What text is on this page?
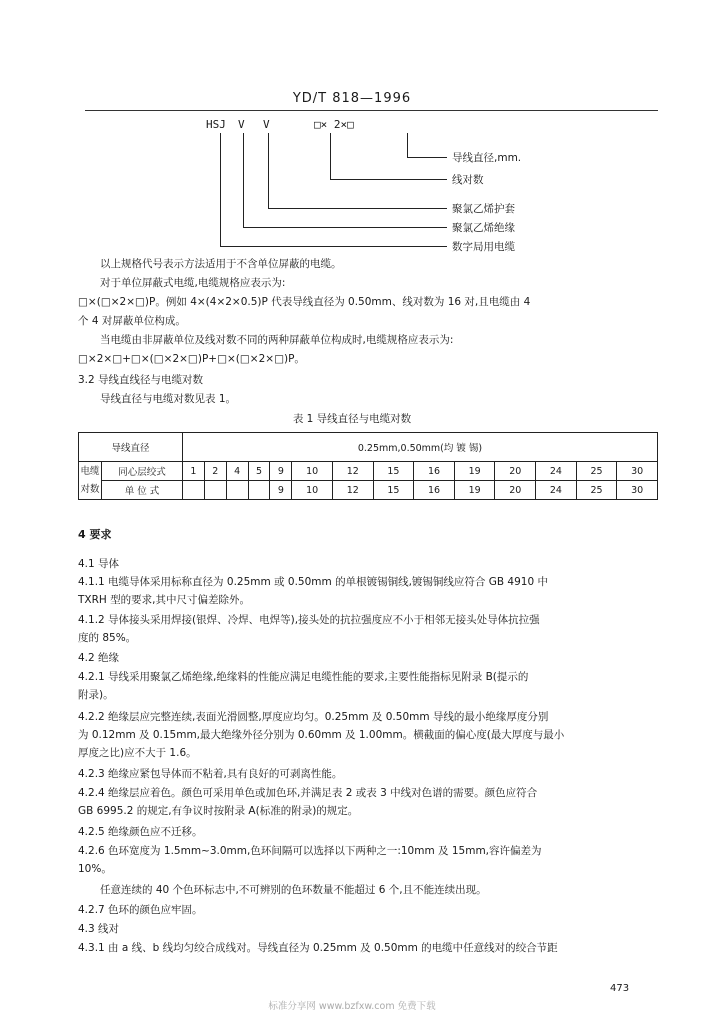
YD/T 818—1996
HSJ V V	□× 2×□
导线直径,mm.
线对数
聚氯乙烯护套
聚氯乙烯绝缘
数字局用电缆
以上规格代号表示方法适用于不含单位屏蔽的电缆。
对于单位屏蔽式电缆,电缆规格应表示为:
□×(□×2×□)P。例如 4×(4×2×0.5)P 代表导线直径为 0.50mm、线对数为 16 对,且电缆由 4
个 4 对屏蔽单位构成。
当电缆由非屏蔽单位及线对数不同的两种屏蔽单位构成时,电缆规格应表示为:
□×2×□+□×(□×2×□)P+□×(□×2×□)P。
3.2 导线直线径与电缆对数
导线直径与电缆对数见表 1。
表 1 导线直径与电缆对数
导线直径		0.25mm,0.50mm(均 镀 锡)													
电缆对数	同心层绞式	1	2	4	5	9	10	12	15	16	19	20	24	25	30
	单 位 式					9	10	12	15	16	19	20	24	25	30
4 要求
4.1 导体
4.1.1 电缆导体采用标称直径为 0.25mm 或 0.50mm 的单根镀锡铜线,镀锡铜线应符合 GB 4910 中
TXRH 型的要求,其中尺寸偏差除外。
4.1.2 导体接头采用焊接(银焊、冷焊、电焊等),接头处的抗拉强度应不小于相邻无接头处导体抗拉强
度的 85%。
4.2 绝缘
4.2.1 导线采用聚氯乙烯绝缘,绝缘料的性能应满足电缆性能的要求,主要性能指标见附录 B(提示的
附录)。
4.2.2 绝缘层应完整连续,表面光滑圆整,厚度应均匀。0.25mm 及 0.50mm 导线的最小绝缘厚度分别
为 0.12mm 及 0.15mm,最大绝缘外径分别为 0.60mm 及 1.00mm。横截面的偏心度(最大厚度与最小
厚度之比)应不大于 1.6。
4.2.3 绝缘应紧包导体而不粘着,具有良好的可剥离性能。
4.2.4 绝缘层应着色。颜色可采用单色或加色环,并满足表 2 或表 3 中线对色谱的需要。颜色应符合
GB 6995.2 的规定,有争议时按附录 A(标准的附录)的规定。
4.2.5 绝缘颜色应不迁移。
4.2.6 色环宽度为 1.5mm~3.0mm,色环间隔可以选择以下两种之一:10mm 及 15mm,容许偏差为
10%。
任意连续的 40 个色环标志中,不可辨别的色环数量不能超过 6 个,且不能连续出现。
4.2.7 色环的颜色应牢固。
4.3 线对
4.3.1 由 a 线、b 线均匀绞合成线对。导线直径为 0.25mm 及 0.50mm 的电缆中任意线对的绞合节距
473
标准分享网 www.bzfxw.com 免费下载
